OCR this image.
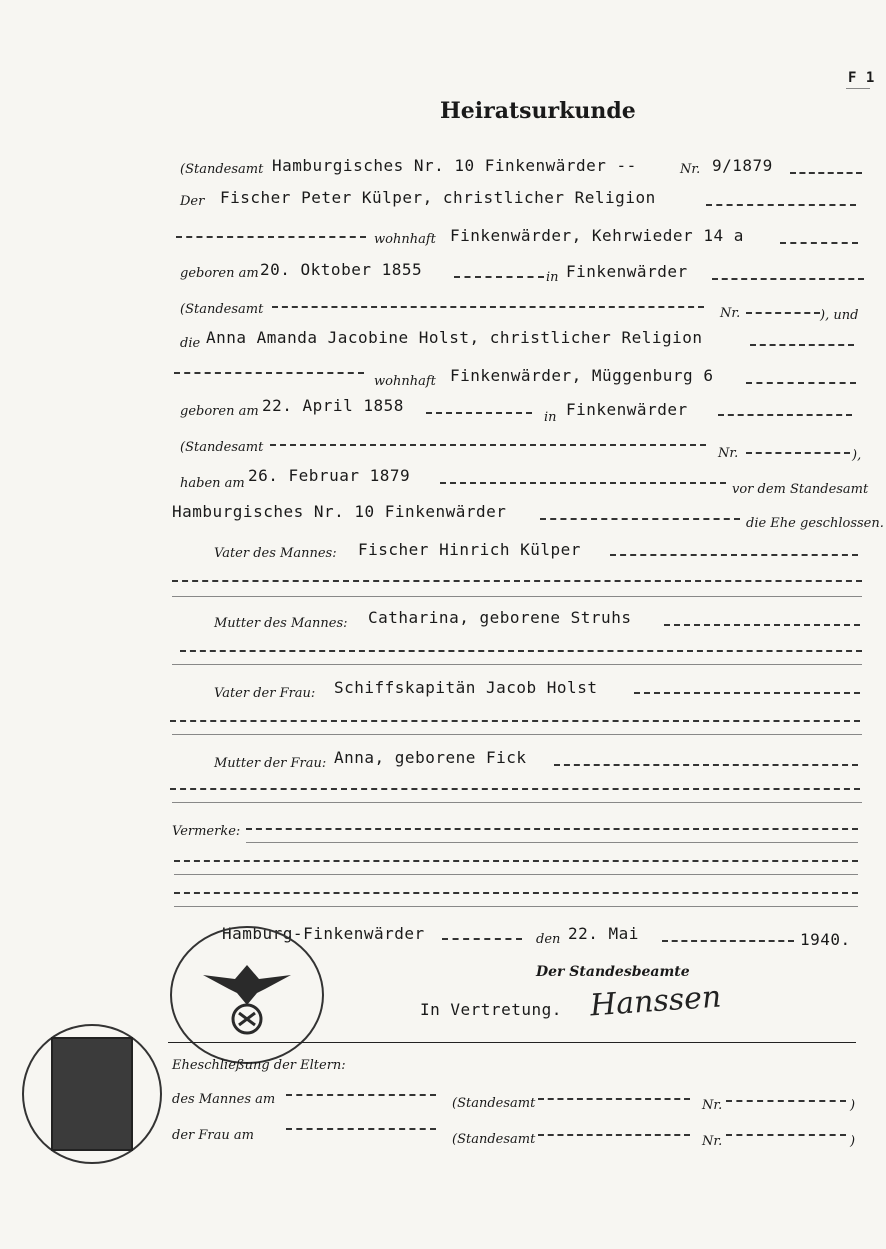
F 1
Heiratsurkunde
(Standesamt Hamburgisches Nr. 10 Finkenwärder --	Nr. 9/1879
Der Fischer Peter Külper, christlicher Religion
wohnhaft Finkenwärder, Kehrwieder 14 a
geboren am 20. Oktober 1855	in Finkenwärder
(Standesamt	Nr.	), und
die Anna Amanda Jacobine Holst, christlicher Religion
wohnhaft Finkenwärder, Müggenburg 6
geboren am 22. April 1858
in Finkenwärder
(Standesamt	Nr.	),
haben am 26. Februar 1879
vor dem Standesamt
Hamburgisches Nr. 10 Finkenwärder
die Ehe geschlossen.
Vater des Mannes: Fischer Hinrich Külper
Mutter des Mannes: Catharina, geborene Struhs
Vater der Frau: Schiffskapitän Jacob Holst
Mutter der Frau: Anna, geborene Fick
Vermerke:
Hamburg-Finkenwärder	den 22. Mai	1940.
Der Standesbeamte
In Vertretung. Hanssen
Eheschließung der Eltern:
des Mannes am	(Standesamt	Nr.	)
der Frau am	(Standesamt	Nr.	)
